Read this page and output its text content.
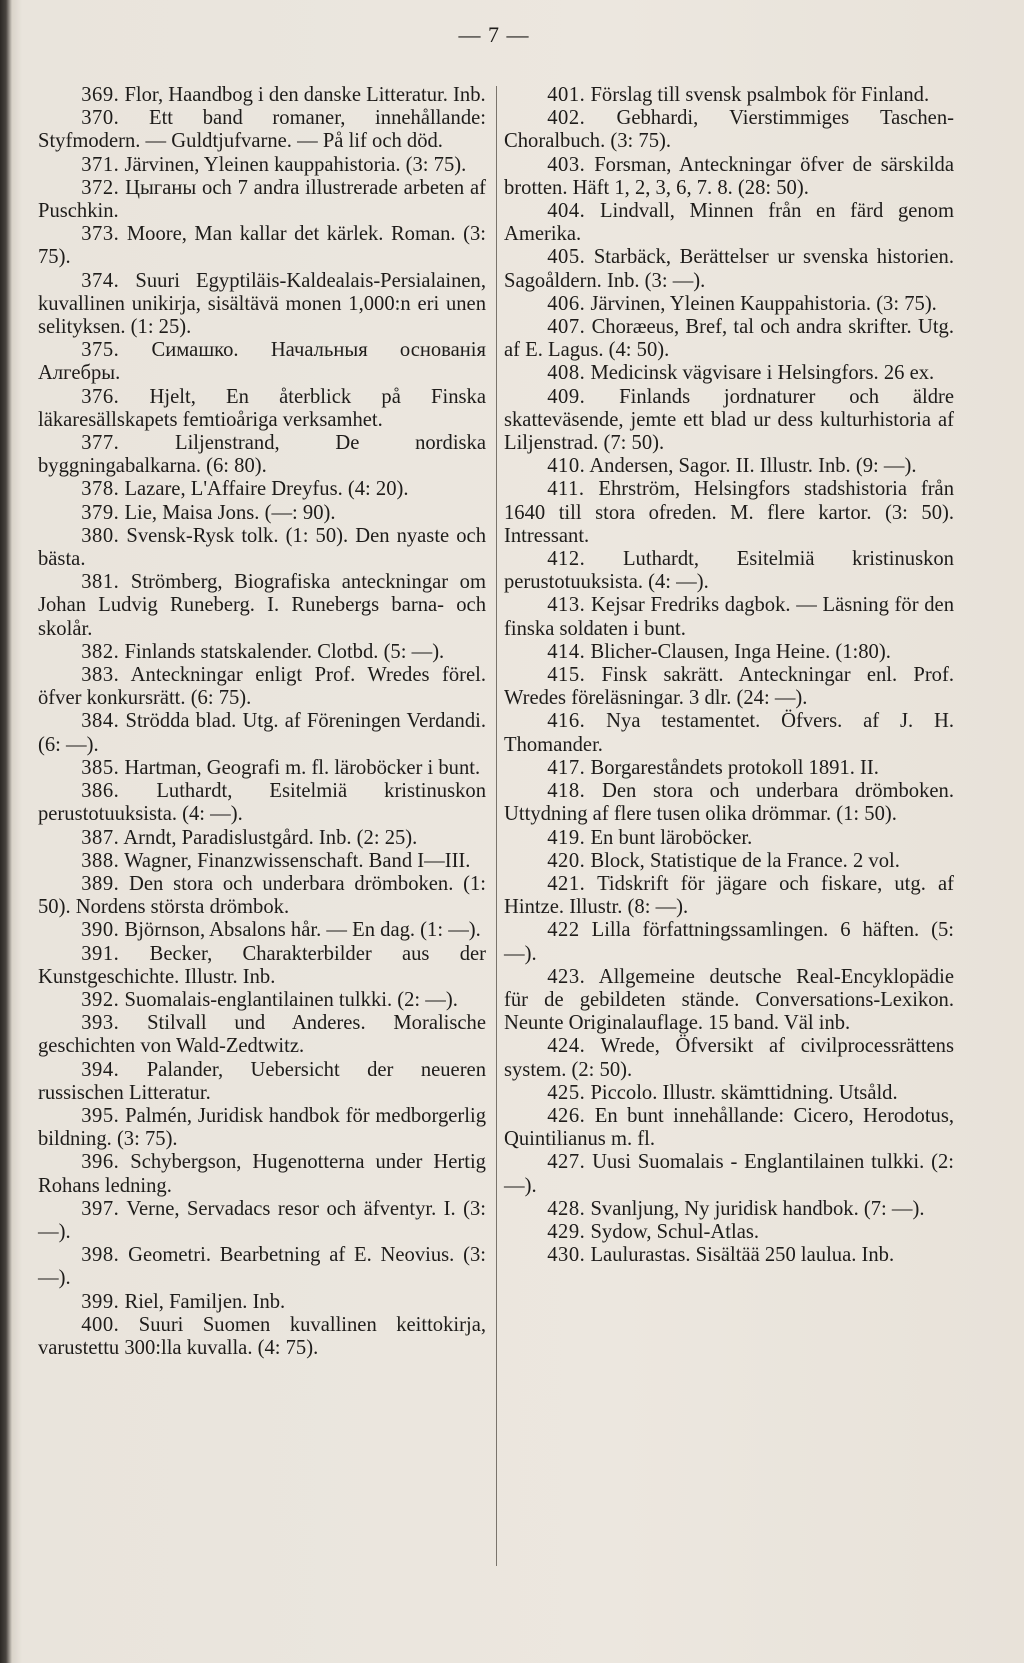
— 7 —

369. Flor, Haandbog i den danske Litteratur. Inb.

370. Ett band romaner, innehållande: Styfmodern. — Guldtjufvarne. — På lif och död.

371. Järvinen, Yleinen kauppahistoria. (3: 75).

372. Цыганы och 7 andra illustrerade arbeten af Puschkin.

373. Moore, Man kallar det kärlek. Roman. (3: 75).

374. Suuri Egyptiläis-Kaldealais-Persialainen, kuvallinen unikirja, sisältävä monen 1,000:n eri unen selityksen. (1: 25).

375. Симашко. Начальныя основанія Алгебры.

376. Hjelt, En återblick på Finska läkaresällskapets femtioåriga verksamhet.

377.	Liljenstrand, De nordiska byggningabalkarna. (6: 80).

378. Lazare, L'Affaire Dreyfus. (4: 20).

379. Lie, Maisa Jons. (—: 90).

380. Svensk-Rysk tolk. (1: 50). Den nyaste och bästa.

381. Strömberg, Biografiska anteckningar om Johan Ludvig Runeberg. I. Runebergs barna- och skolår.

382. Finlands statskalender. Clotbd. (5: —).

383. Anteckningar enligt Prof. Wredes förel. öfver konkursrätt. (6: 75).

384. Strödda blad. Utg. af Föreningen Verdandi. (6: —).

385. Hartman, Geografi m. fl. läroböcker i bunt.

386. Luthardt, Esitelmiä kristinuskon perustotuuksista. (4: —).

387. Arndt, Paradislustgård. Inb. (2: 25).

388. Wagner, Finanzwissenschaft. Band I—III.

389. Den stora och underbara drömboken. (1: 50). Nordens största drömbok.

390. Björnson, Absalons hår. — En dag. (1: —).

391. Becker, Charakterbilder aus der Kunstgeschichte. Illustr. Inb.

392. Suomalais-englantilainen tulkki. (2: —).

393. Stilvall und Anderes. Moralische geschichten von Wald-Zedtwitz.

394. Palander, Uebersicht der neueren russischen Litteratur.

395. Palmén, Juridisk handbok för medborgerlig bildning. (3: 75).

396. Schybergson, Hugenotterna under Hertig Rohans ledning.

397. Verne, Servadacs resor och äfventyr. I. (3: —).

398. Geometri. Bearbetning af E. Neovius. (3: —).

399. Riel, Familjen. Inb.

400. Suuri Suomen kuvallinen keittokirja, varustettu 300:lla kuvalla. (4: 75).

401. Förslag till svensk psalmbok för Finland.

402. Gebhardi, Vierstimmiges Taschen-Choralbuch. (3: 75).

403. Forsman, Anteckningar öfver de särskilda brotten. Häft 1, 2, 3, 6, 7. 8. (28: 50).

404. Lindvall, Minnen från en färd genom Amerika.

405. Starbäck, Berättelser ur svenska historien. Sagoåldern. Inb. (3: —).

406. Järvinen, Yleinen Kauppahistoria. (3: 75).

407. Choræeus, Bref, tal och andra skrifter. Utg. af E. Lagus. (4: 50).

408. Medicinsk vägvisare i Helsingfors. 26 ex.

409. Finlands jordnaturer och äldre skatteväsende, jemte ett blad ur dess kulturhistoria af Liljenstrad. (7: 50).

410. Andersen, Sagor. II. Illustr. Inb. (9: —).

411. Ehrström, Helsingfors stadshistoria från 1640 till stora ofreden. M. flere kartor. (3: 50). Intressant.

412. Luthardt, Esitelmiä kristinuskon perustotuuksista. (4: —).

413. Kejsar Fredriks dagbok. — Läsning för den finska soldaten i bunt.

414. Blicher-Clausen, Inga Heine. (1:80).

415. Finsk sakrätt. Anteckningar enl. Prof. Wredes föreläsningar. 3 dlr. (24: —).

416. Nya testamentet. Öfvers. af J. H. Thomander.

417. Borgareståndets protokoll 1891. II.

418. Den stora och underbara drömboken. Uttydning af flere tusen olika drömmar. (1: 50).

419. En bunt läroböcker.

420. Block, Statistique de la France. 2 vol.

421. Tidskrift för jägare och fiskare, utg. af Hintze. Illustr. (8: —).

422 Lilla författningssamlingen. 6 häften. (5: —).

423. Allgemeine deutsche Real-Encyklopädie für de gebildeten stände. Conversations-Lexikon. Neunte Originalauflage. 15 band. Väl inb.

424. Wrede, Öfversikt af civilprocessrättens system. (2: 50).

425. Piccolo. Illustr. skämttidning. Utsåld.

426. En bunt innehållande: Cicero, Herodotus, Quintilianus m. fl.

427. Uusi Suomalais - Englantilainen tulkki. (2: —).

428. Svanljung, Ny juridisk handbok. (7: —).

429. Sydow, Schul-Atlas.

430. Laulurastas. Sisältää 250 laulua. Inb.
